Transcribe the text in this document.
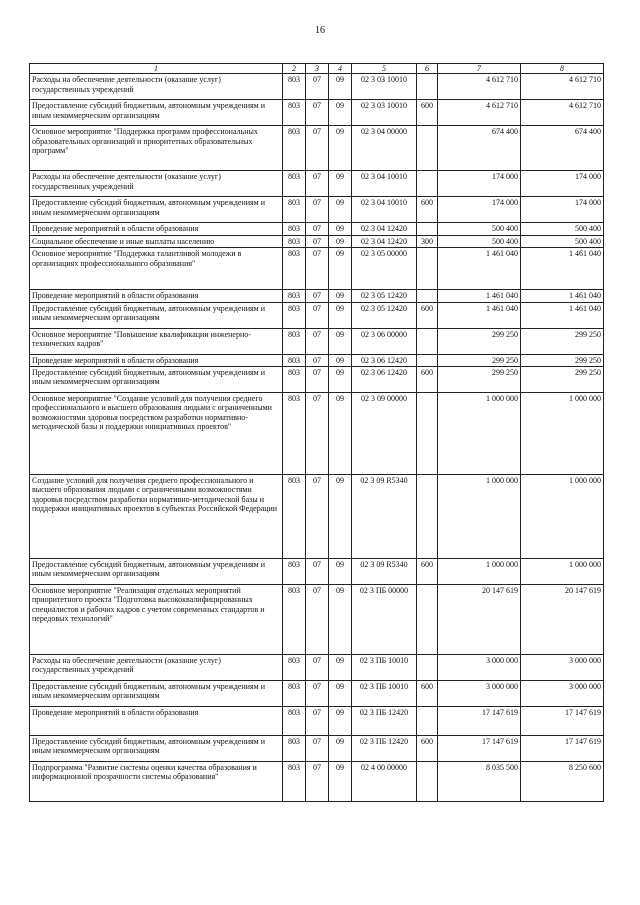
16
1	2	3	4	5	6	7	8
Расходы на обеспечение деятельности (оказание услуг) государственных учреждений	803	07	09	02 3 03 10010		4 612 710	4 612 710
Предоставление субсидий бюджетным, автономным учреждениям и иным некоммерческим организациям	803	07	09	02 3 03 10010	600	4 612 710	4 612 710
Основное мероприятие "Поддержка программ профессиональных образовательных организаций и приоритетных образовательных программ"	803	07	09	02 3 04 00000		674 400	674 400
Расходы на обеспечение деятельности (оказание услуг) государственных учреждений	803	07	09	02 3 04 10010		174 000	174 000
Предоставление субсидий бюджетным, автономным учреждениям и иным некоммерческим организациям	803	07	09	02 3 04 10010	600	174 000	174 000
Проведение мероприятий в области образования	803	07	09	02 3 04 12420		500 400	500 400
Социальное обеспечение и иные выплаты населению	803	07	09	02 3 04 12420	300	500 400	500 400
Основное мероприятие "Поддержка талантливой молодежи в организациях профессионального образования"	803	07	09	02 3 05 00000		1 461 040	1 461 040
Проведение мероприятий в области образования	803	07	09	02 3 05 12420		1 461 040	1 461 040
Предоставление субсидий бюджетным, автономным учреждениям и иным некоммерческим организациям	803	07	09	02 3 05 12420	600	1 461 040	1 461 040
Основное мероприятие "Повышение квалификации инженерно-технических кадров"	803	07	09	02 3 06 00000		299 250	299 250
Проведение мероприятий в области образования	803	07	09	02 3 06 12420		299 250	299 250
Предоставление субсидий бюджетным, автономным учреждениям и иным некоммерческим организациям	803	07	09	02 3 06 12420	600	299 250	299 250
Основное мероприятие "Создание условий для получения среднего профессионального и высшего образования людьми с ограниченными возможностями здоровья посредством разработки нормативно-методической базы и поддержки инициативных проектов"	803	07	09	02 3 09 00000		1 000 000	1 000 000
Создание условий для получения среднего профессионального и высшего образования людьми с ограниченными возможностями здоровья посредством разработки нормативно-методической базы и поддержки инициативных проектов в субъектах Российской Федерации	803	07	09	02 3 09 R5340		1 000 000	1 000 000
Предоставление субсидий бюджетным, автономным учреждениям и иным некоммерческим организациям	803	07	09	02 3 09 R5340	600	1 000 000	1 000 000
Основное мероприятие "Реализация отдельных мероприятий приоритетного проекта "Подготовка высококвалифицированных специалистов и рабочих кадров с учетом современных стандартов и передовых технологий"	803	07	09	02 3 ПБ 00000		20 147 619	20 147 619
Расходы на обеспечение деятельности (оказание услуг) государственных учреждений	803	07	09	02 3 ПБ 10010		3 000 000	3 000 000
Предоставление субсидий бюджетным, автономным учреждениям и иным некоммерческим организациям	803	07	09	02 3 ПБ 10010	600	3 000 000	3 000 000
Проведение мероприятий в области образования	803	07	09	02 3 ПБ 12420		17 147 619	17 147 619
Предоставление субсидий бюджетным, автономным учреждениям и иным некоммерческим организациям	803	07	09	02 3 ПБ 12420	600	17 147 619	17 147 619
Подпрограмма "Развитие системы оценки качества образования и информационной прозрачности системы образования"	803	07	09	02 4 00 00000		8 035 500	8 250 600
